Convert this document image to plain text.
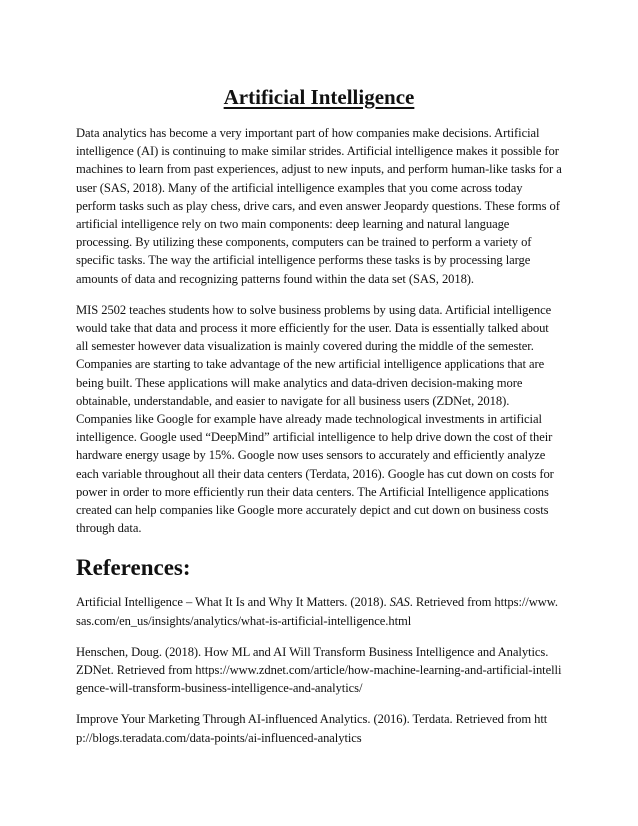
Artificial Intelligence

Data analytics has become a very important part of how companies make decisions. Artificial intelligence (AI) is continuing to make similar strides. Artificial intelligence makes it possible for machines to learn from past experiences, adjust to new inputs, and perform human-like tasks for a user (SAS, 2018). Many of the artificial intelligence examples that you come across today perform tasks such as play chess, drive cars, and even answer Jeopardy questions. These forms of artificial intelligence rely on two main components: deep learning and natural language processing. By utilizing these components, computers can be trained to perform a variety of specific tasks. The way the artificial intelligence performs these tasks is by processing large amounts of data and recognizing patterns found within the data set (SAS, 2018).

MIS 2502 teaches students how to solve business problems by using data. Artificial intelligence would take that data and process it more efficiently for the user. Data is essentially talked about all semester however data visualization is mainly covered during the middle of the semester. Companies are starting to take advantage of the new artificial intelligence applications that are being built. These applications will make analytics and data-driven decision-making more obtainable, understandable, and easier to navigate for all business users (ZDNet, 2018). Companies like Google for example have already made technological investments in artificial intelligence. Google used “DeepMind” artificial intelligence to help drive down the cost of their hardware energy usage by 15%. Google now uses sensors to accurately and efficiently analyze each variable throughout all their data centers (Terdata, 2016). Google has cut down on costs for power in order to more efficiently run their data centers. The Artificial Intelligence applications created can help companies like Google more accurately depict and cut down on business costs through data.

References:

Artificial Intelligence – What It Is and Why It Matters. (2018). SAS. Retrieved from https://www.sas.com/en_us/insights/analytics/what-is-artificial-intelligence.html

Henschen, Doug. (2018). How ML and AI Will Transform Business Intelligence and Analytics. ZDNet. Retrieved from https://www.zdnet.com/article/how-machine-learning-and-artificial-intelligence-will-transform-business-intelligence-and-analytics/

Improve Your Marketing Through AI-influenced Analytics. (2016). Terdata. Retrieved from http://blogs.teradata.com/data-points/ai-influenced-analytics
